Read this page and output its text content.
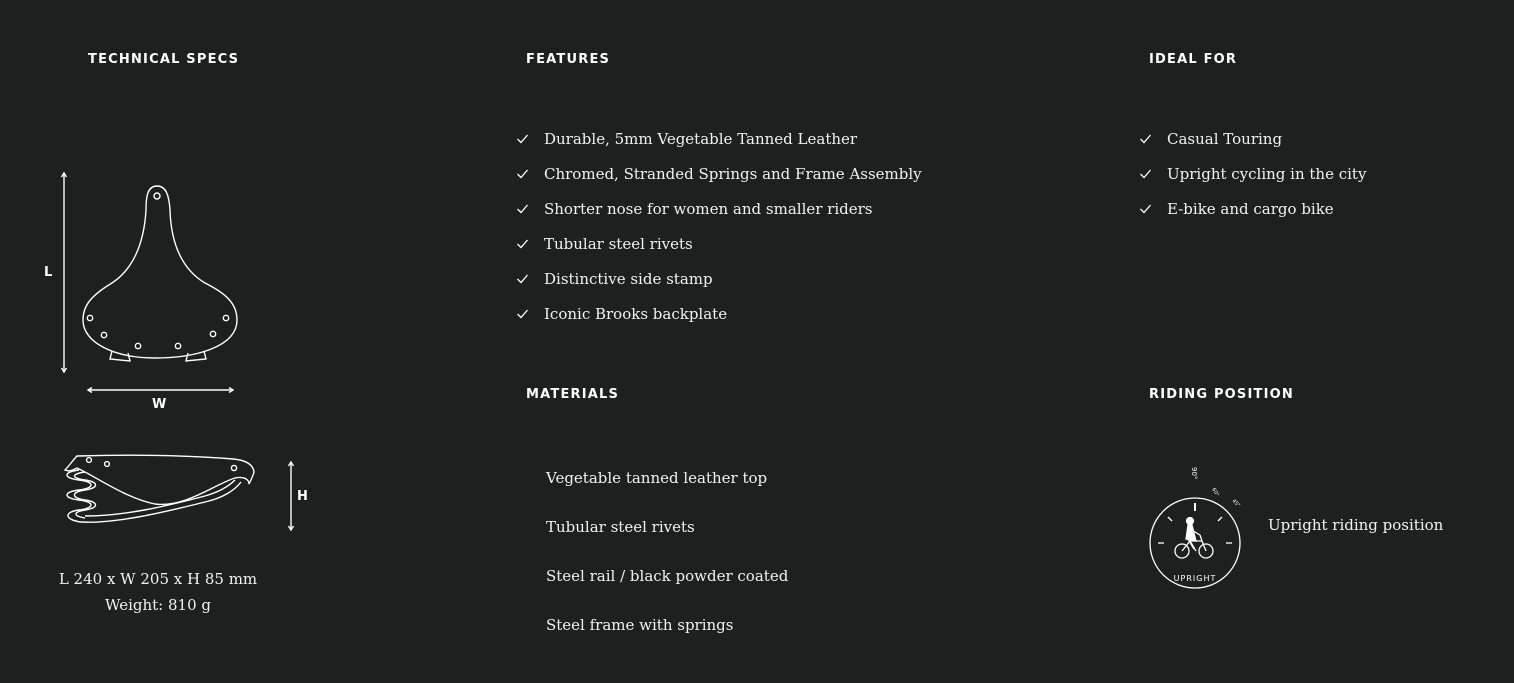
TECHNICAL SPECS
L
W
H
L 240 x W 205 x H 85 mm
Weight: 810 g
FEATURES
Durable, 5mm Vegetable Tanned Leather
Chromed, Stranded Springs and Frame Assembly
Shorter nose for women and smaller riders
Tubular steel rivets
Distinctive side stamp
Iconic Brooks backplate
MATERIALS
Vegetable tanned leather top
Tubular steel rivets
Steel rail / black powder coated
Steel frame with springs
IDEAL FOR
Casual Touring
Upright cycling in the city
E-bike and cargo bike
RIDING POSITION
90°
60°
45°
UPRIGHT
Upright riding position
